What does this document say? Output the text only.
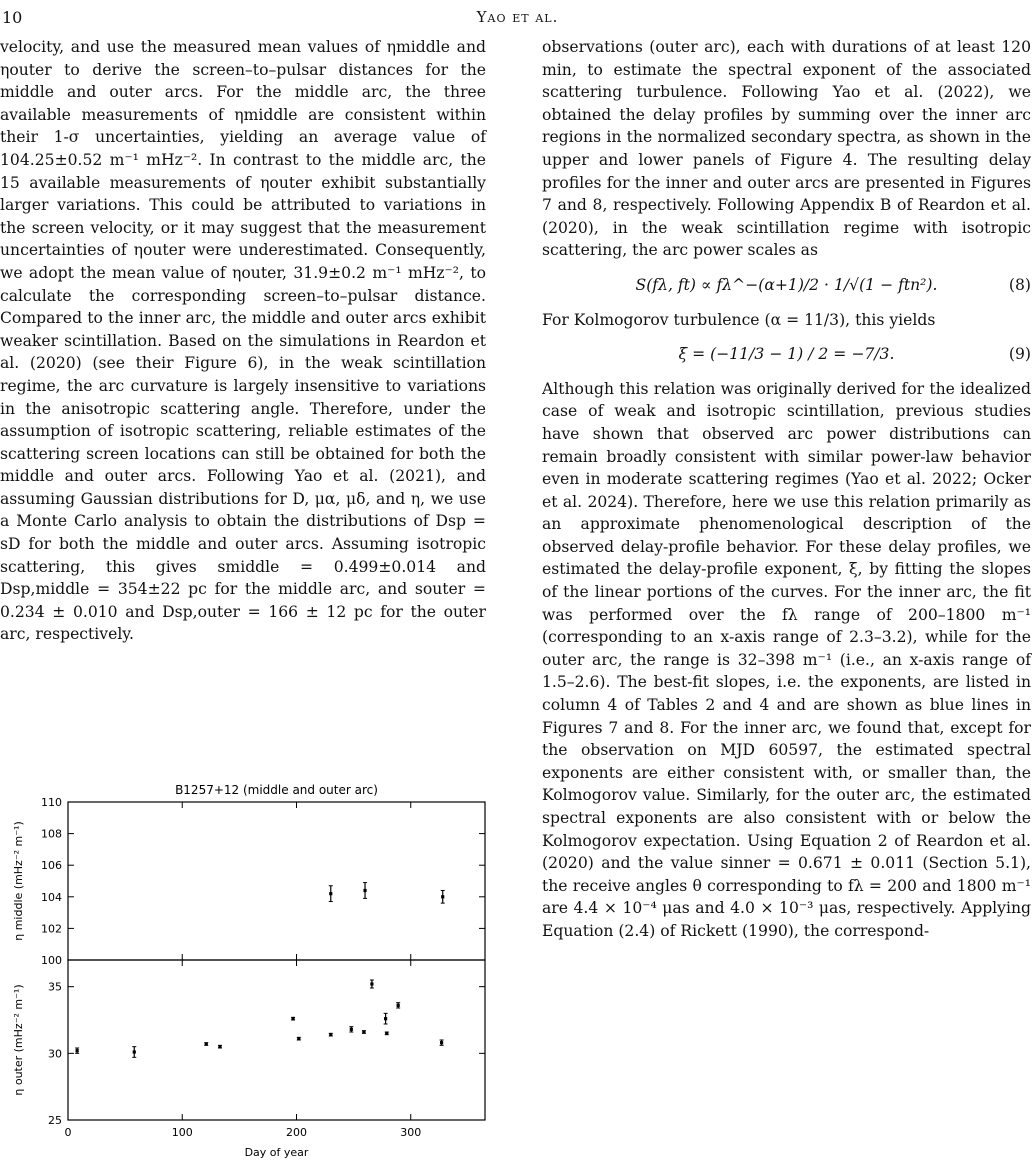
10	Yao et al.

velocity, and use the measured mean values of ηmiddle and ηouter to derive the screen–to–pulsar distances for the middle and outer arcs. For the middle arc, the three available measurements of ηmiddle are consistent within their 1-σ uncertainties, yielding an average value of 104.25±0.52 m⁻¹ mHz⁻². In contrast to the middle arc, the 15 available measurements of ηouter exhibit substantially larger variations. This could be attributed to variations in the screen velocity, or it may suggest that the measurement uncertainties of ηouter were underestimated. Consequently, we adopt the mean value of ηouter, 31.9±0.2 m⁻¹ mHz⁻², to calculate the corresponding screen–to–pulsar distance. Compared to the inner arc, the middle and outer arcs exhibit weaker scintillation. Based on the simulations in Reardon et al. (2020) (see their Figure 6), in the weak scintillation regime, the arc curvature is largely insensitive to variations in the anisotropic scattering angle. Therefore, under the assumption of isotropic scattering, reliable estimates of the scattering screen locations can still be obtained for both the middle and outer arcs. Following Yao et al. (2021), and assuming Gaussian distributions for D, μα, μδ, and η, we use a Monte Carlo analysis to obtain the distributions of Dsp = sD for both the middle and outer arcs. Assuming isotropic scattering, this gives smiddle = 0.499±0.014 and Dsp,middle = 354±22 pc for the middle arc, and souter = 0.234 ± 0.010 and Dsp,outer = 166 ± 12 pc for the outer arc, respectively.

observations (outer arc), each with durations of at least 120 min, to estimate the spectral exponent of the associated scattering turbulence. Following Yao et al. (2022), we obtained the delay profiles by summing over the inner arc regions in the normalized secondary spectra, as shown in the upper and lower panels of Figure 4. The resulting delay profiles for the inner and outer arcs are presented in Figures 7 and 8, respectively. Following Appendix B of Reardon et al. (2020), in the weak scintillation regime with isotropic scattering, the arc power scales as

S(fλ, ft) ∝ fλ^−(α+1)/2 · 1/√(1 − ftn²).	(8)

For Kolmogorov turbulence (α = 11/3), this yields

ξ = (−11/3 − 1) / 2 = −7/3.	(9)

Although this relation was originally derived for the idealized case of weak and isotropic scintillation, previous studies have shown that observed arc power distributions can remain broadly consistent with similar power-law behavior even in moderate scattering regimes (Yao et al. 2022; Ocker et al. 2024). Therefore, here we use this relation primarily as an approximate phenomenological description of the observed delay-profile behavior. For these delay profiles, we estimated the delay-profile exponent, ξ, by fitting the slopes of the linear portions of the curves. For the inner arc, the fit was performed over the fλ range of 200–1800 m⁻¹ (corresponding to an x-axis range of 2.3–3.2), while for the outer arc, the range is 32–398 m⁻¹ (i.e., an x-axis range of 1.5–2.6). The best-fit slopes, i.e. the exponents, are listed in column 4 of Tables 2 and 4 and are shown as blue lines in Figures 7 and 8. For the inner arc, we found that, except for the observation on MJD 60597, the estimated spectral exponents are either consistent with, or smaller than, the Kolmogorov value. Similarly, for the outer arc, the estimated spectral exponents are also consistent with or below the Kolmogorov expectation. Using Equation 2 of Reardon et al. (2020) and the value sinner = 0.671 ± 0.011 (Section 5.1), the receive angles θ corresponding to fλ = 200 and 1800 m⁻¹ are 4.4 × 10⁻⁴ μas and 4.0 × 10⁻³ μas, respectively. Applying Equation (2.4) of Rickett (1990), the correspond-

B1257+12 (middle and outer arc)
100
102
104
106
108
110
η middle (mHz⁻² m⁻¹)
25
30
35
η outer (mHz⁻² m⁻¹)
0	100	200	300
Day of year
